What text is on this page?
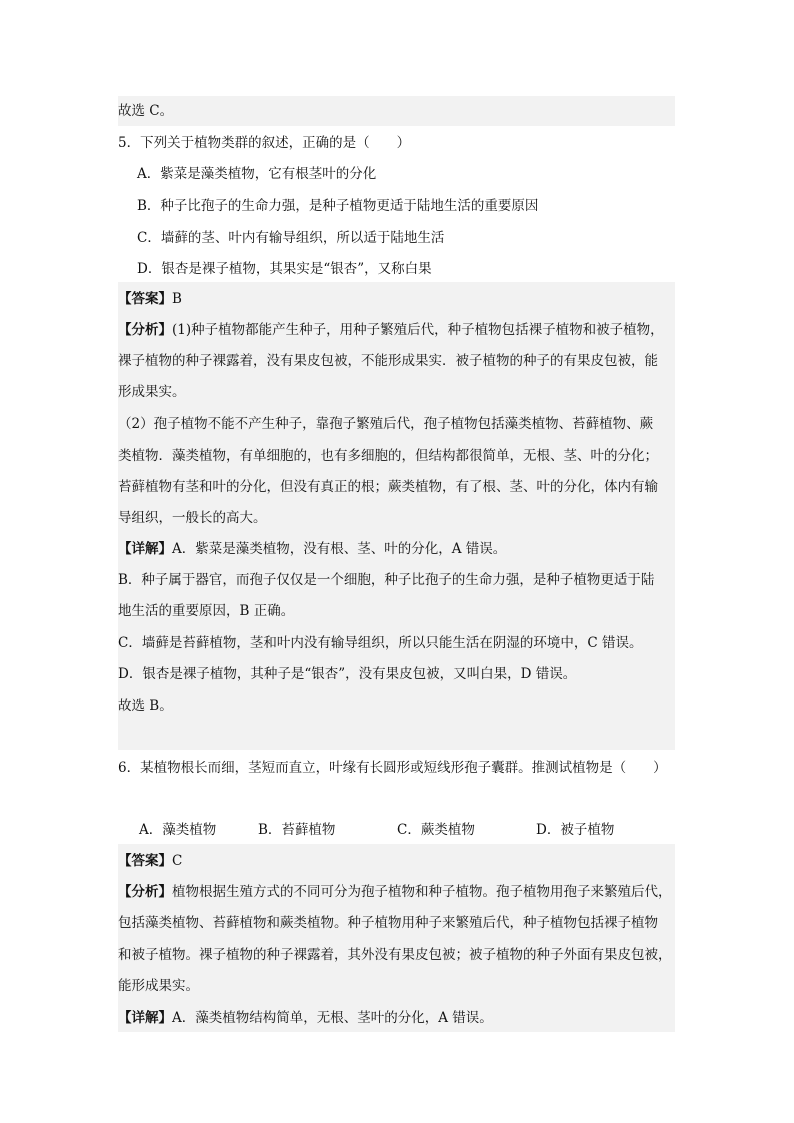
故选 C。
5．下列关于植物类群的叙述，正确的是（　　）
A．紫菜是藻类植物，它有根茎叶的分化
B．种子比孢子的生命力强，是种子植物更适于陆地生活的重要原因
C．墙藓的茎、叶内有输导组织，所以适于陆地生活
D．银杏是裸子植物，其果实是“银杏”，又称白果
【答案】B
【分析】(1)种子植物都能产生种子，用种子繁殖后代，种子植物包括裸子植物和被子植物，
裸子植物的种子裸露着，没有果皮包被，不能形成果实．被子植物的种子的有果皮包被，能
形成果实。
（2）孢子植物不能不产生种子，靠孢子繁殖后代，孢子植物包括藻类植物、苔藓植物、蕨
类植物．藻类植物，有单细胞的，也有多细胞的，但结构都很简单，无根、茎、叶的分化；
苔藓植物有茎和叶的分化，但没有真正的根；蕨类植物，有了根、茎、叶的分化，体内有输
导组织，一般长的高大。
【详解】A．紫菜是藻类植物，没有根、茎、叶的分化，A 错误。
B．种子属于器官，而孢子仅仅是一个细胞，种子比孢子的生命力强，是种子植物更适于陆
地生活的重要原因，B 正确。
C．墙藓是苔藓植物，茎和叶内没有输导组织，所以只能生活在阴湿的环境中，C 错误。
D．银杏是裸子植物，其种子是“银杏”，没有果皮包被，又叫白果，D 错误。
故选 B。
6．某植物根长而细，茎短而直立，叶缘有长圆形或短线形孢子囊群。推测试植物是（　　）
A．藻类植物	B．苔藓植物	C．蕨类植物	D．被子植物
【答案】C
【分析】植物根据生殖方式的不同可分为孢子植物和种子植物。孢子植物用孢子来繁殖后代，
包括藻类植物、苔藓植物和蕨类植物。种子植物用种子来繁殖后代，种子植物包括裸子植物
和被子植物。裸子植物的种子裸露着，其外没有果皮包被；被子植物的种子外面有果皮包被，
能形成果实。
【详解】A．藻类植物结构简单，无根、茎叶的分化，A 错误。
